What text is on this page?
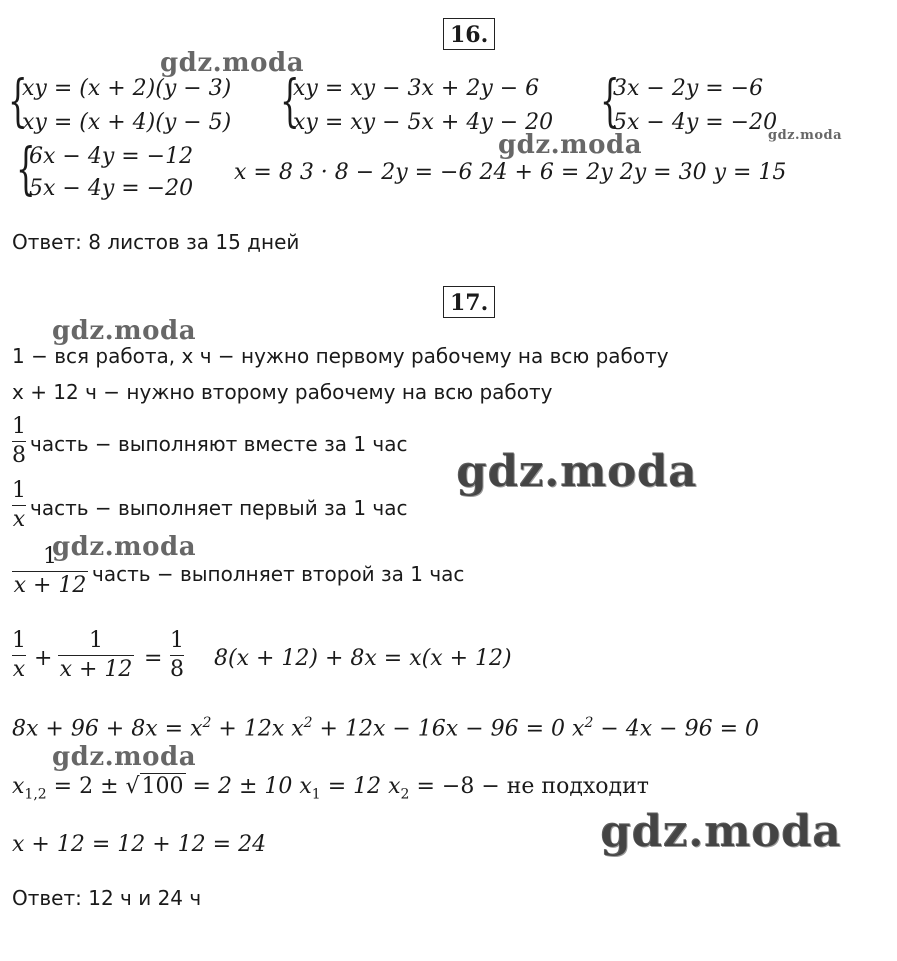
16.
{
xy = (x + 2)(y − 3)
xy = (x + 4)(y − 5) {
xy = xy − 3x + 2y − 6
xy = xy − 5x + 4y − 20 {
3x − 2y = −6
5x − 4y = −20
{
6x − 4y = −12
5x − 4y = −20
x = 8 3 · 8 − 2y = −6 24 + 6 = 2y 2y = 30 y = 15
Ответ: 8 листов за 15 дней
17.
1 − вся работа, x ч − нужно первому рабочему на всю работу
x + 12 ч − нужно второму рабочему на всю работу
1
8 часть − выполняют вместе за 1 час
1
x часть − выполняет первый за 1 час
1
x + 12 часть − выполняет второй за 1 час
1
x +
1
x + 12 =
1
8 8(x + 12) + 8x = x(x + 12)
$8x + 96 + 8x = x^2 + 12x$ $x^2 + 12x - 16x - 96 = 0$ $x^2 - 4x - 96 = 0$
$x_{1,2} = 2 \pm √100 = 2 \pm 10$ $x_1 = 12$ $x_2 = -8$ − не подходит
x + 12 = 12 + 12 = 24
Ответ: 12 ч и 24 ч
gdz.moda
gdz.moda	gdz.moda
gdz.moda
gdz.moda
gdz.moda
gdz.moda
gdz.moda
